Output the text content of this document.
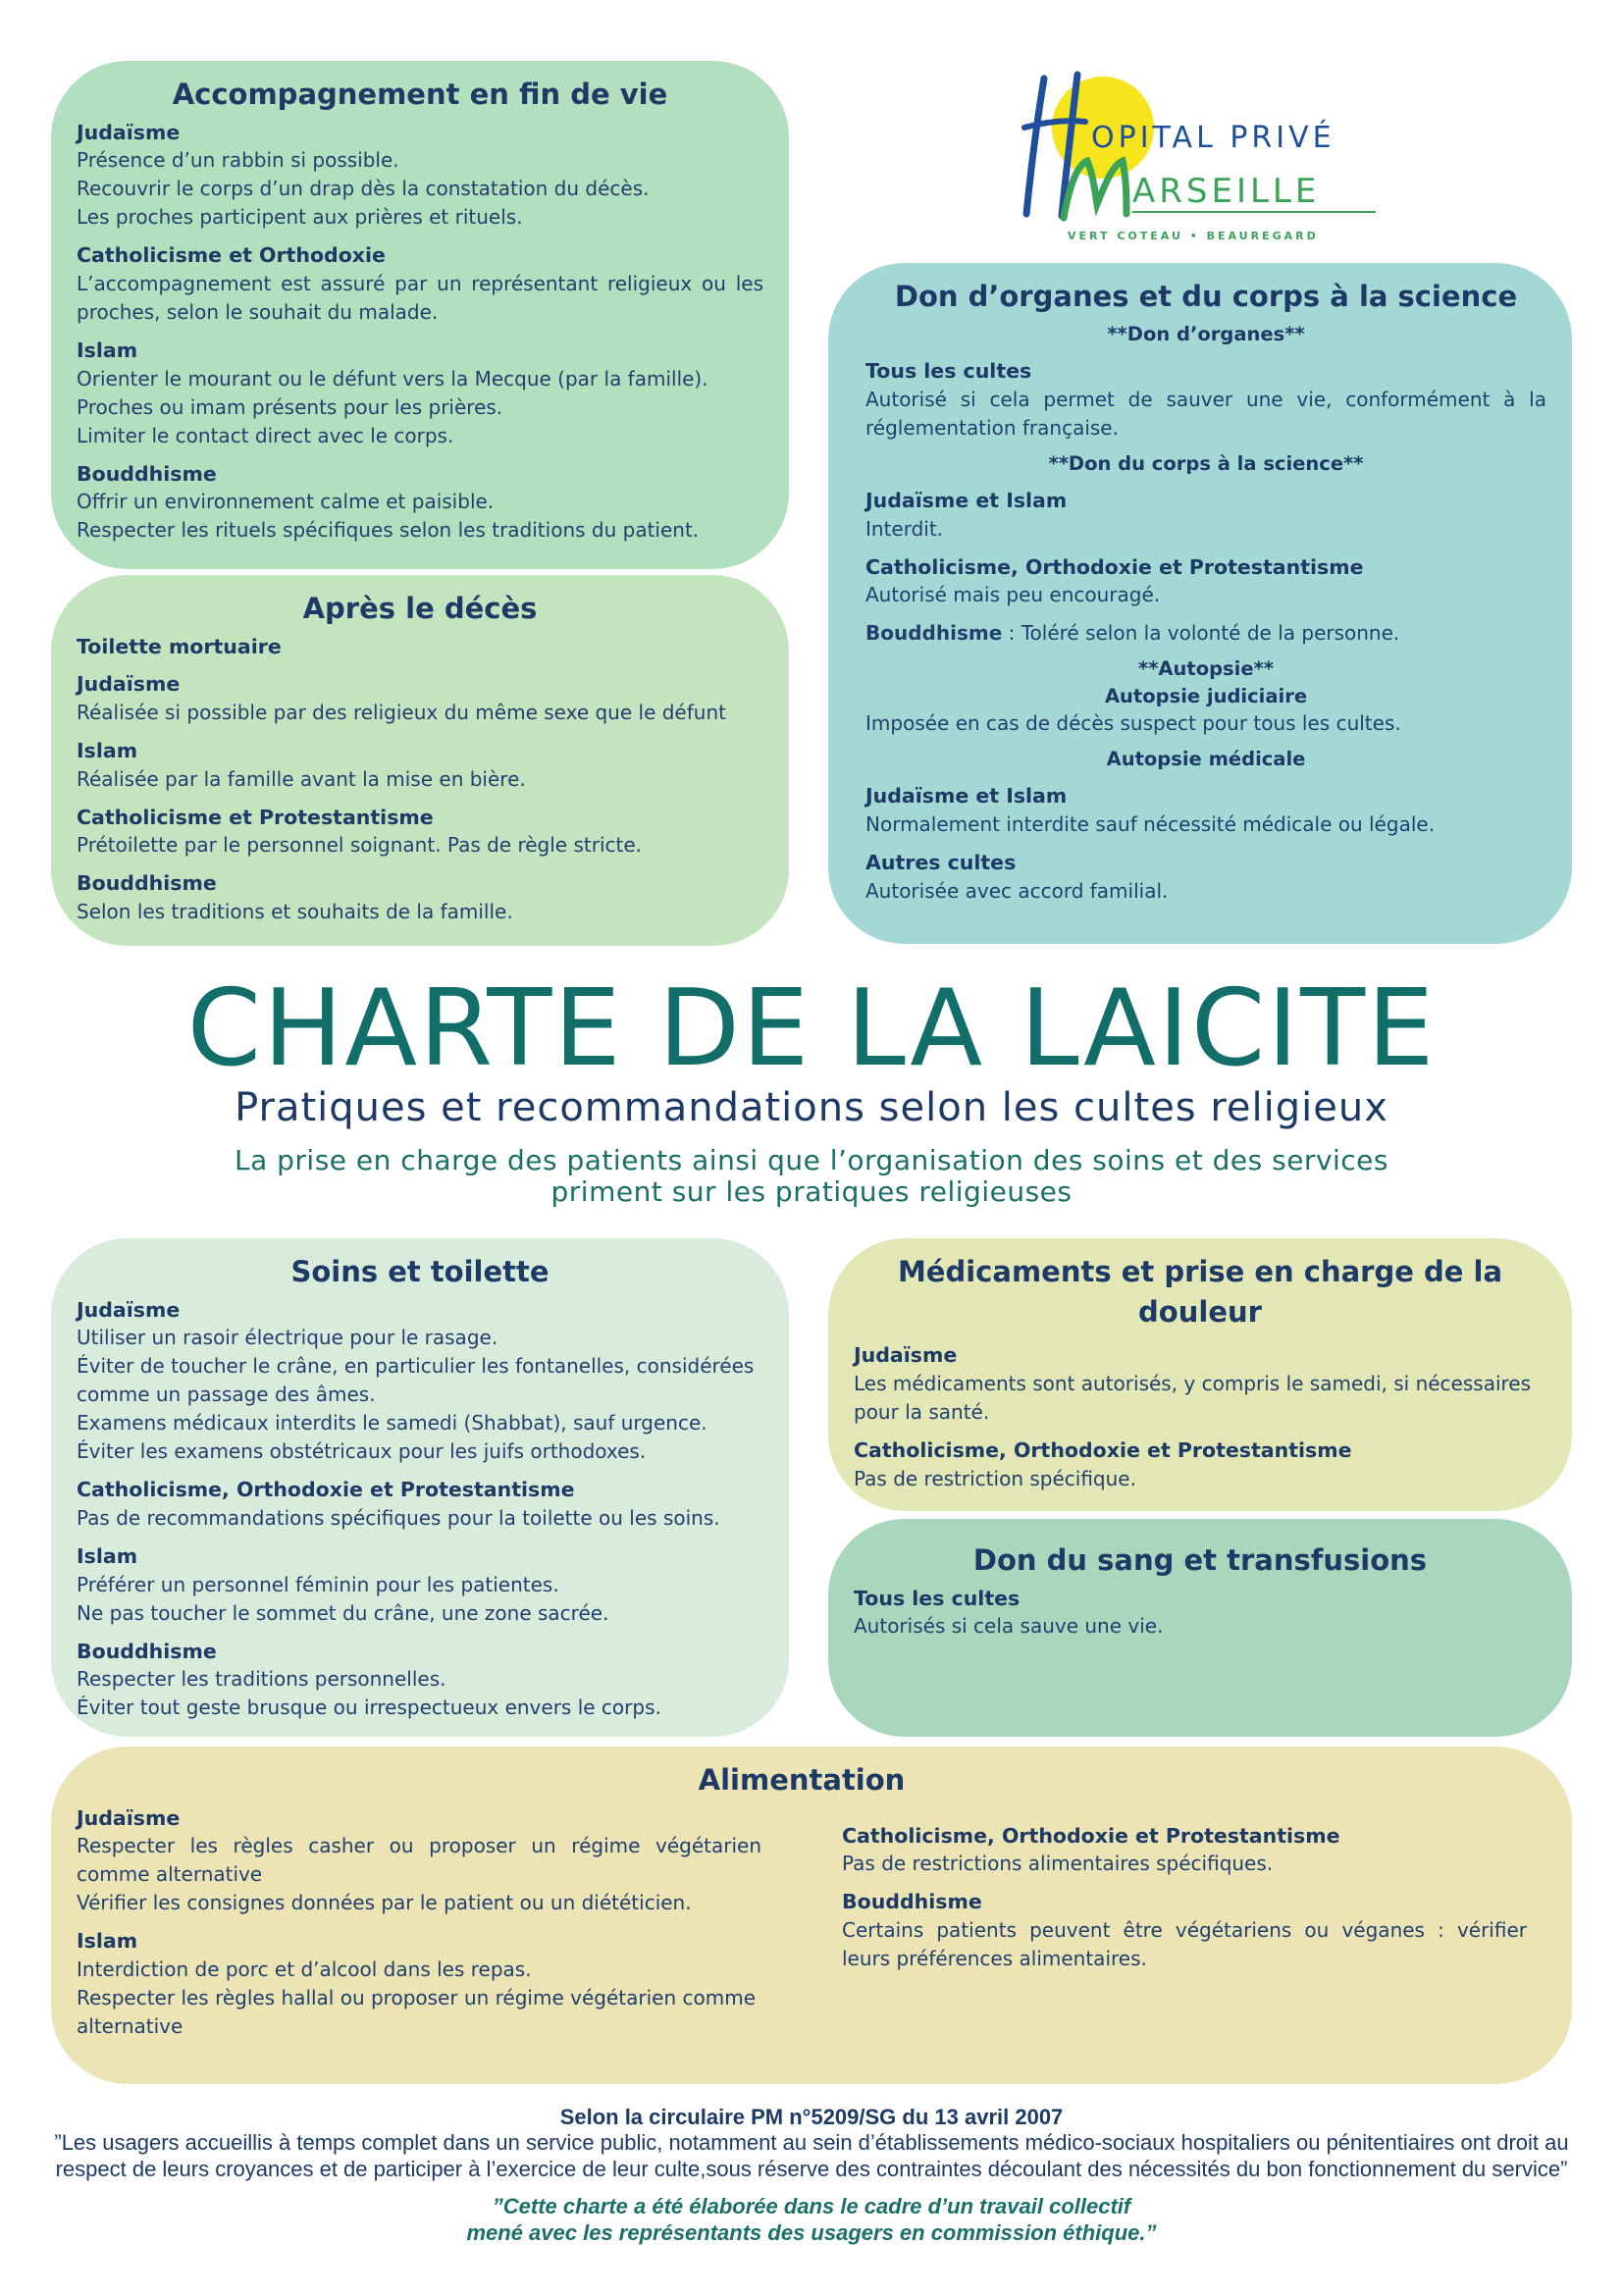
Accompagnement en fin de vie
Judaïsme

Présence d’un rabbin si possible.

Recouvrir le corps d’un drap dès la constatation du décès.

Les proches participent aux prières et rituels.

Catholicisme et Orthodoxie

L’accompagnement est assuré par un représentant religieux ou les proches, selon le souhait du malade.

Islam

Orienter le mourant ou le défunt vers la Mecque (par la famille).

Proches ou imam présents pour les prières.

Limiter le contact direct avec le corps.

Bouddhisme

Offrir un environnement calme et paisible.

Respecter les rituels spécifiques selon les traditions du patient.

Après le décès
Toilette mortuaire
Judaïsme

Réalisée si possible par des religieux du même sexe que le défunt

Islam

Réalisée par la famille avant la mise en bière.

Catholicisme et Protestantisme

Prétoilette par le personnel soignant. Pas de règle stricte.

Bouddhisme

Selon les traditions et souhaits de la famille.

OPITAL PRIVÉ
ARSEILLE
VERT COTEAU • BEAUREGARD
Don d’organes et du corps à la science
**Don d’organes**
Tous les cultes

Autorisé si cela permet de sauver une vie, conformément à la réglementation française.

**Don du corps à la science**
Judaïsme et Islam

Interdit.

Catholicisme, Orthodoxie et Protestantisme

Autorisé mais peu encouragé.

Bouddhisme : Toléré selon la volonté de la personne.

**Autopsie**
Autopsie judiciaire

Imposée en cas de décès suspect pour tous les cultes.

Autopsie médicale
Judaïsme et Islam

Normalement interdite sauf nécessité médicale ou légale.

Autres cultes

Autorisée avec accord familial.

CHARTE DE LA LAICITE
Pratiques et recommandations selon les cultes religieux
La prise en charge des patients ainsi que l’organisation des soins et des services
priment sur les pratiques religieuses
Soins et toilette
Judaïsme

Utiliser un rasoir électrique pour le rasage.

Éviter de toucher le crâne, en particulier les fontanelles, considérées comme un passage des âmes.

Examens médicaux interdits le samedi (Shabbat), sauf urgence.

Éviter les examens obstétricaux pour les juifs orthodoxes.

Catholicisme, Orthodoxie et Protestantisme

Pas de recommandations spécifiques pour la toilette ou les soins.

Islam

Préférer un personnel féminin pour les patientes.

Ne pas toucher le sommet du crâne, une zone sacrée.

Bouddhisme

Respecter les traditions personnelles.

Éviter tout geste brusque ou irrespectueux envers le corps.

Médicaments et prise en charge de la douleur
Judaïsme

Les médicaments sont autorisés, y compris le samedi, si nécessaires pour la santé.

Catholicisme, Orthodoxie et Protestantisme

Pas de restriction spécifique.

Don du sang et transfusions
Tous les cultes

Autorisés si cela sauve une vie.

Alimentation
Judaïsme

Respecter les règles casher ou proposer un régime végétarien comme alternative

Vérifier les consignes données par le patient ou un diététicien.

Islam

Interdiction de porc et d’alcool dans les repas.

Respecter les règles hallal ou proposer un régime végétarien comme alternative

Catholicisme, Orthodoxie et Protestantisme

Pas de restrictions alimentaires spécifiques.

Bouddhisme

Certains patients peuvent être végétariens ou véganes : vérifier leurs préférences alimentaires.

Selon la circulaire PM n°5209/SG du 13 avril 2007
”Les usagers accueillis à temps complet dans un service public, notamment au sein d’établissements médico-sociaux hospitaliers ou pénitentiaires ont droit au respect de leurs croyances et de participer à l’exercice de leur culte,sous réserve des contraintes découlant des nécessités du bon fonctionnement du service”
”Cette charte a été élaborée dans le cadre d’un travail collectif
mené avec les représentants des usagers en commission éthique.”
